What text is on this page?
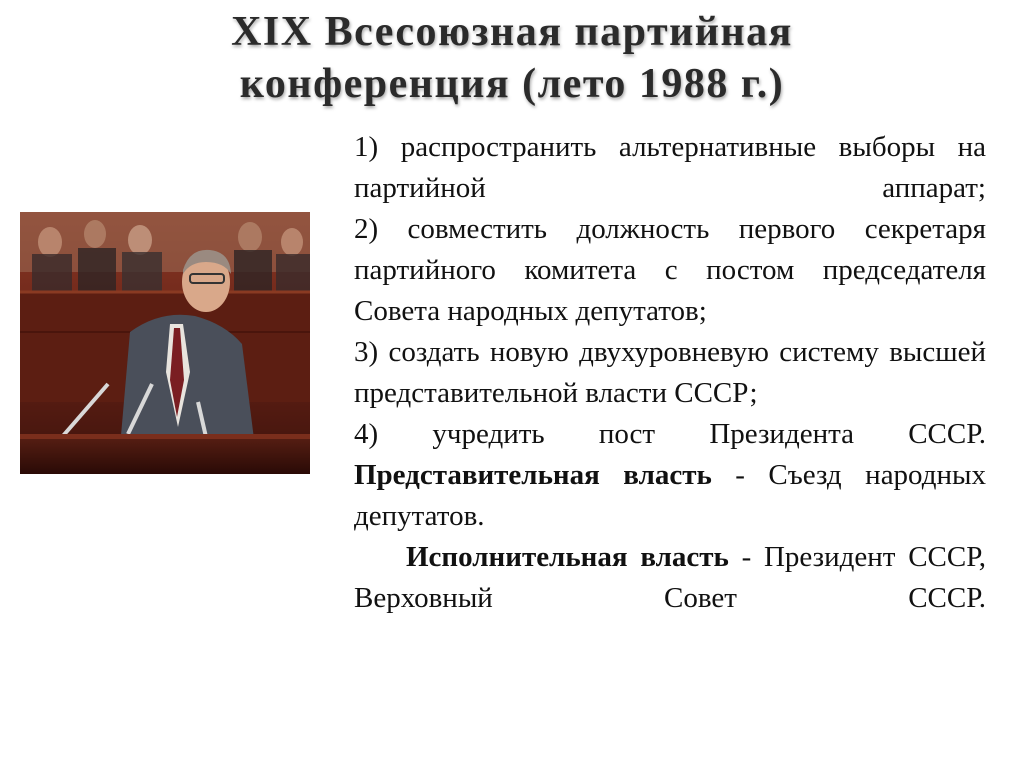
XIX Всесоюзная партийная
конференция (лето 1988 г.)

1) распространить альтернативные выборы на партийной	аппарат;

2) совместить должность первого секретаря партийного комитета с постом председателя Совета народных депутатов;

3) создать новую двухуровневую систему высшей представительной власти СССР;

4) учредить пост Президента СССР. Представительная власть - Съезд народных депутатов.

Исполнительная власть - Президент СССР, Верховный Совет СССР.
